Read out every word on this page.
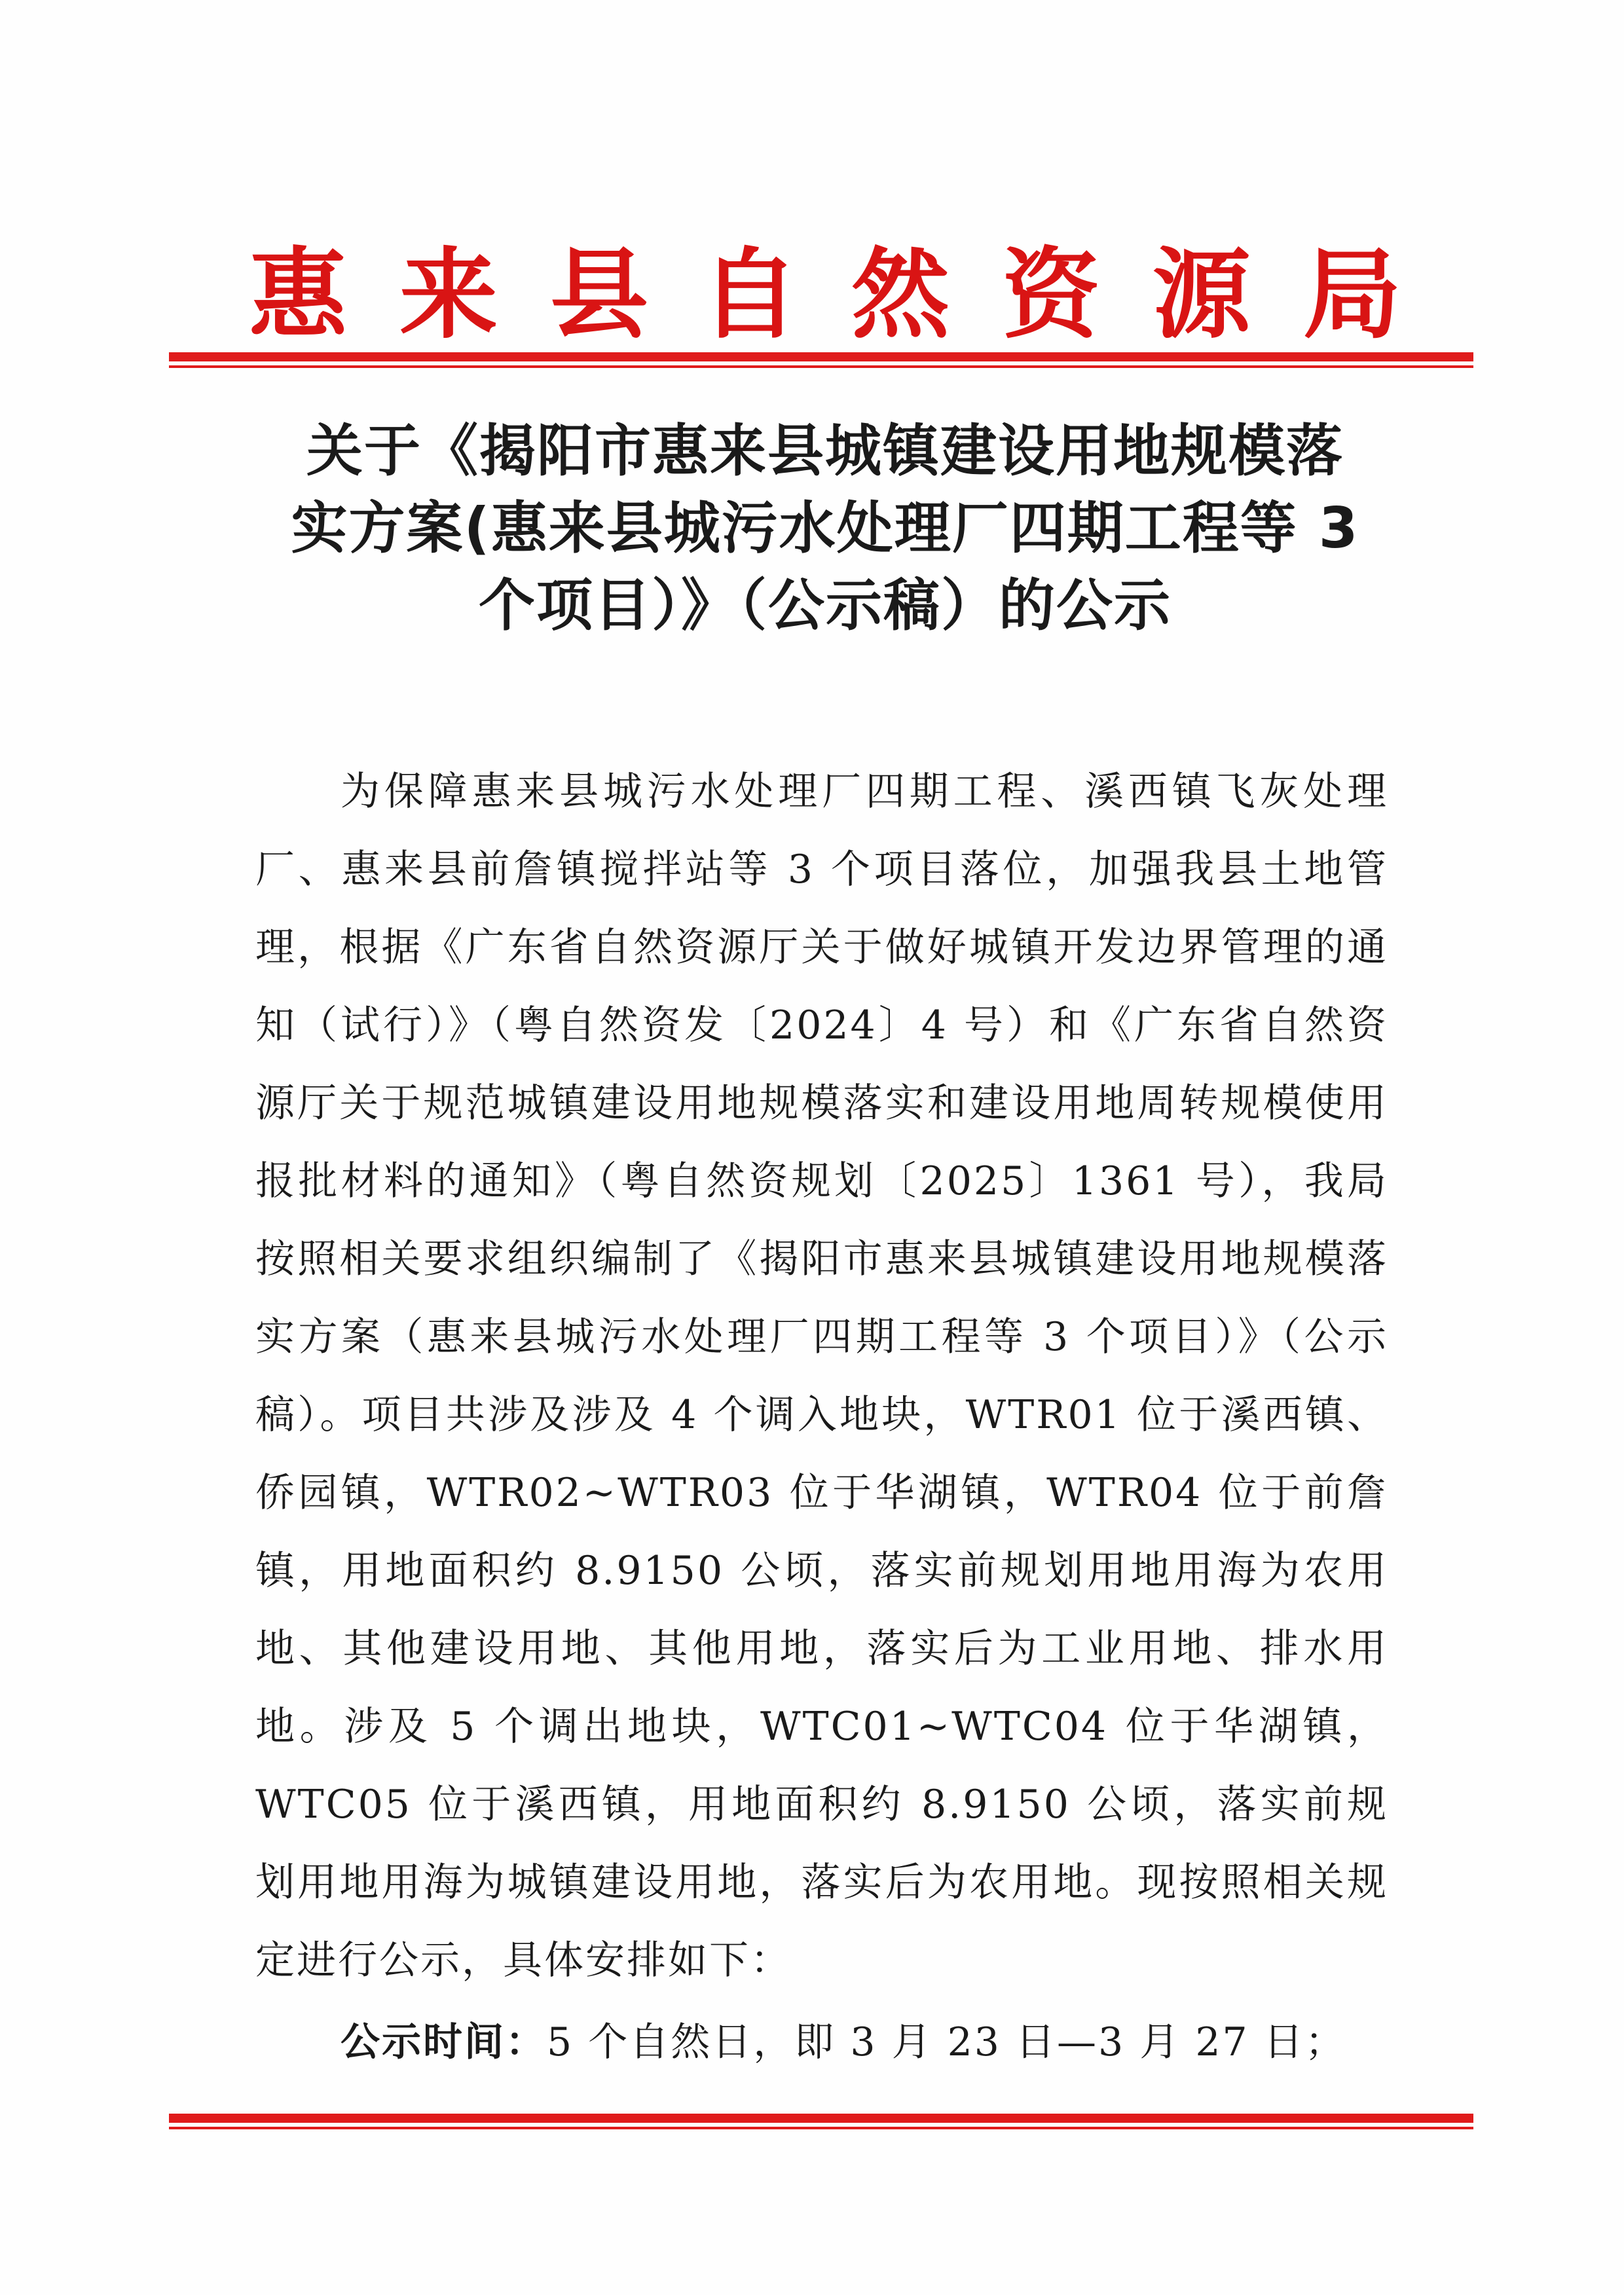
惠 来 县 自 然 资 源 局
关于《揭阳市惠来县城镇建设用地规模落
实方案(惠来县城污水处理厂四期工程等 3
个项目）》（公示稿）的公示
为保障惠来县城污水处理厂四期工程、溪西镇飞灰处理厂、惠来县前詹镇搅拌站等 3 个项目落位，加强我县土地管理，根据《广东省自然资源厅关于做好城镇开发边界管理的通知（试行）》（粤自然资发〔2024〕4 号）和《广东省自然资源厅关于规范城镇建设用地规模落实和建设用地周转规模使用报批材料的通知》（粤自然资规划〔2025〕1361 号），我局按照相关要求组织编制了《揭阳市惠来县城镇建设用地规模落实方案（惠来县城污水处理厂四期工程等 3 个项目）》（公示稿）。项目共涉及涉及 4 个调入地块，WTR01 位于溪西镇、侨园镇，WTR02~WTR03 位于华湖镇，WTR04 位于前詹镇，用地面积约 8.9150 公顷，落实前规划用地用海为农用地、其他建设用地、其他用地，落实后为工业用地、排水用地。涉及 5 个调出地块，WTC01~WTC04 位于华湖镇，WTC05 位于溪西镇，用地面积约 8.9150 公顷，落实前规划用地用海为城镇建设用地，落实后为农用地。现按照相关规定进行公示，具体安排如下：
公示时间：5 个自然日，即 3 月 23 日—3 月 27 日；
